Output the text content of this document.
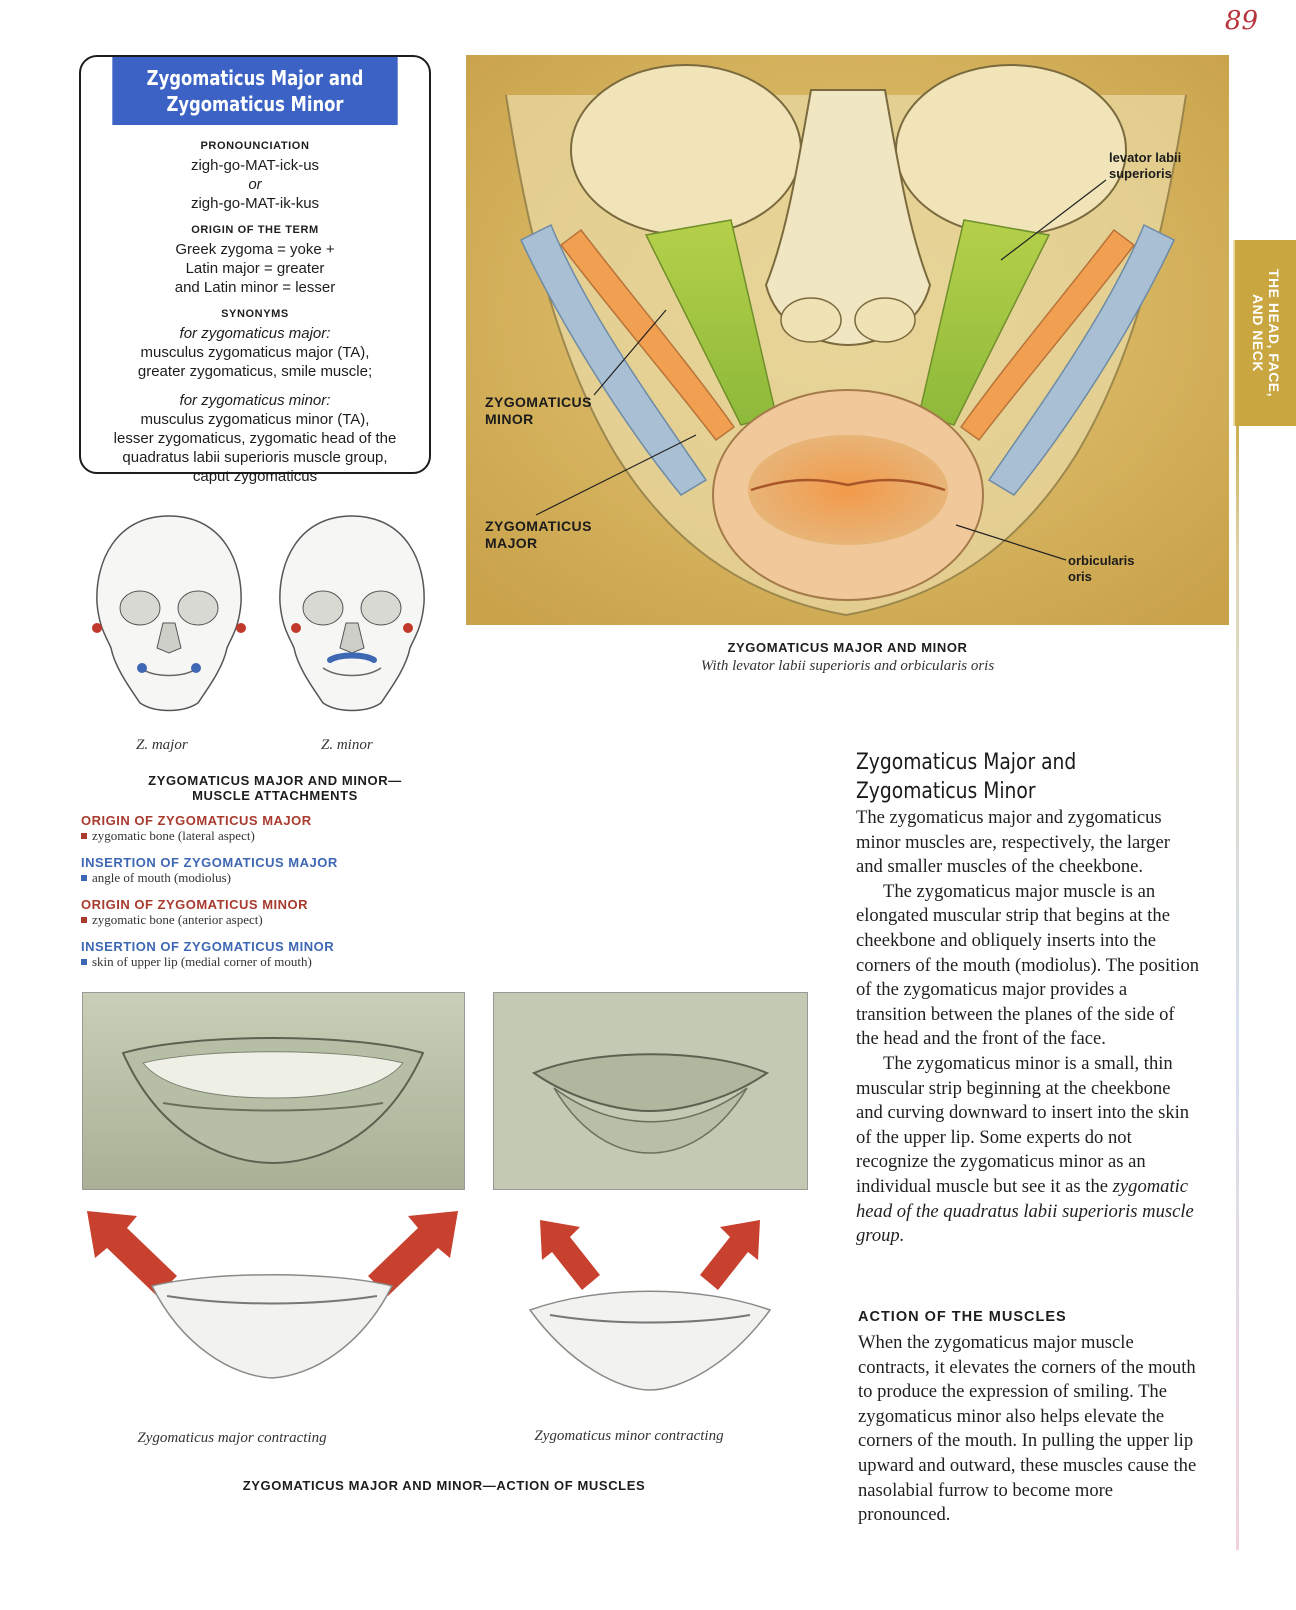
89
THE HEAD, FACE,
AND NECK
Zygomaticus Major and
Zygomaticus Minor
PRONOUNCIATION
zigh-go-MAT-ick-us
or
zigh-go-MAT-ik-kus
ORIGIN OF THE TERM
Greek zygoma = yoke +
Latin major = greater
and Latin minor = lesser
SYNONYMS
for zygomaticus major:
musculus zygomaticus major (TA),
greater zygomaticus, smile muscle;
for zygomaticus minor:
musculus zygomaticus minor (TA),
lesser zygomaticus, zygomatic head of the
quadratus labii superioris muscle group,
caput zygomaticus
levator labii
superioris
ZYGOMATICUS
MINOR
ZYGOMATICUS
MAJOR
orbicularis
oris
ZYGOMATICUS MAJOR AND MINOR
With levator labii superioris and orbicularis oris
Z. major	Z. minor
ZYGOMATICUS MAJOR AND MINOR—
MUSCLE ATTACHMENTS
ORIGIN OF ZYGOMATICUS MAJOR
zygomatic bone (lateral aspect)
INSERTION OF ZYGOMATICUS MAJOR
angle of mouth (modiolus)
ORIGIN OF ZYGOMATICUS MINOR
zygomatic bone (anterior aspect)
INSERTION OF ZYGOMATICUS MINOR
skin of upper lip (medial corner of mouth)
Zygomaticus major contracting	Zygomaticus minor contracting
ZYGOMATICUS MAJOR AND MINOR—ACTION OF MUSCLES
Zygomaticus Major and
Zygomaticus Minor

The zygomaticus major and zygomaticus minor muscles are, respectively, the larger and smaller muscles of the cheekbone.

The zygomaticus major muscle is an elongated muscular strip that begins at the cheekbone and obliquely inserts into the corners of the mouth (modiolus). The position of the zygomaticus major provides a transition between the planes of the side of the head and the front of the face.

The zygomaticus minor is a small, thin muscular strip beginning at the cheekbone and curving downward to insert into the skin of the upper lip. Some experts do not recognize the zygomaticus minor as an individual muscle but see it as the zygomatic head of the quadratus labii superioris muscle group.

ACTION OF THE MUSCLES

When the zygomaticus major muscle contracts, it elevates the corners of the mouth to produce the expression of smiling. The zygomaticus minor also helps elevate the corners of the mouth. In pulling the upper lip upward and outward, these muscles cause the nasolabial furrow to become more pronounced.
